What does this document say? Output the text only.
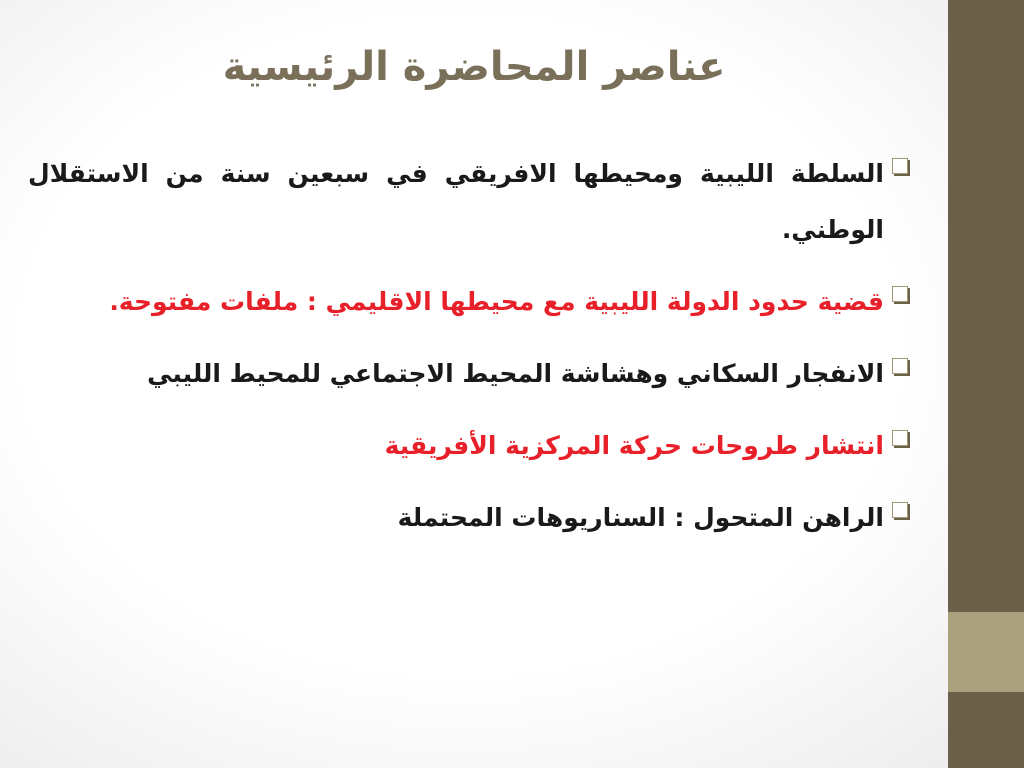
عناصر المحاضرة الرئيسية
السلطة الليبية ومحيطها الافريقي في سبعين سنة من الاستقلال الوطني.
قضية حدود الدولة الليبية مع محيطها الاقليمي : ملفات مفتوحة.
الانفجار السكاني وهشاشة المحيط الاجتماعي للمحيط الليبي
انتشار طروحات حركة المركزية الأفريقية
الراهن المتحول : السناريوهات المحتملة
